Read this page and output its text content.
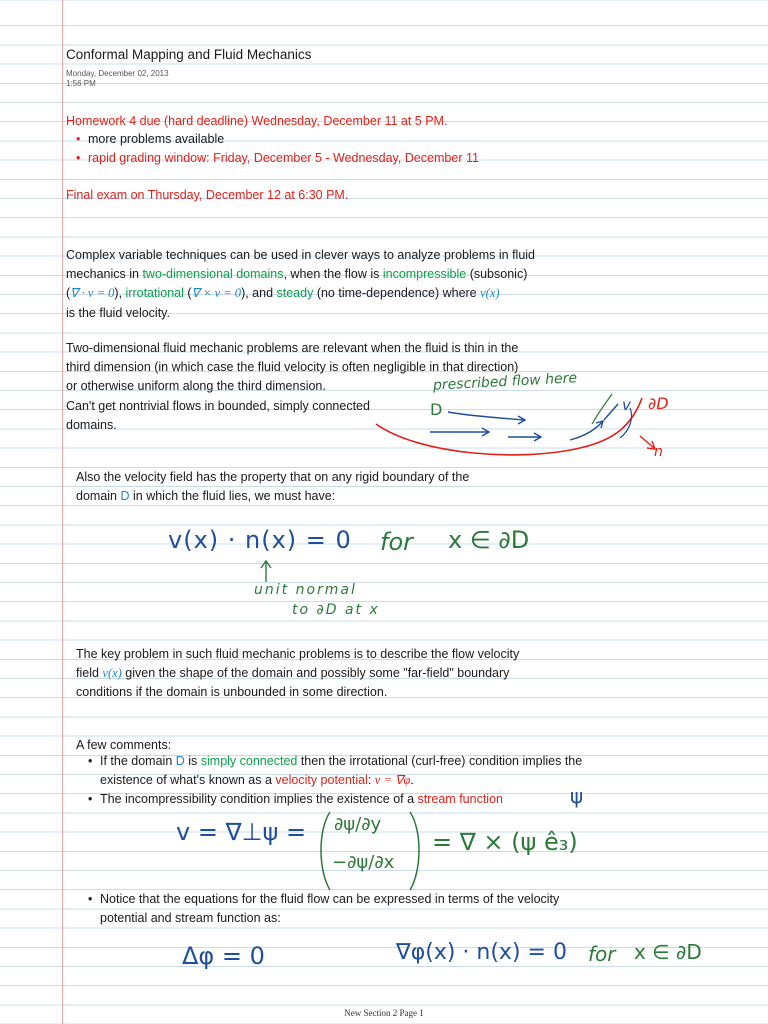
Conformal Mapping and Fluid Mechanics
Monday, December 02, 2013
1:56 PM
Homework 4 due (hard deadline) Wednesday, December 11 at 5 PM.
• more problems available
• rapid grading window: Friday, December 5 - Wednesday, December 11
Final exam on Thursday, December 12 at 6:30 PM.
Complex variable techniques can be used in clever ways to analyze problems in fluid
mechanics in two-dimensional domains, when the flow is incompressible (subsonic)
(∇ · v = 0), irrotational (∇ × v = 0), and steady (no time-dependence) where v(x)
is the fluid velocity.
Two-dimensional fluid mechanic problems are relevant when the fluid is thin in the
third dimension (in which case the fluid velocity is often negligible in that direction)
or otherwise uniform along the third dimension.
Can't get nontrivial flows in bounded, simply connected
domains.
prescribed flow here
D	v ∂D
n
Also the velocity field has the property that on any rigid boundary of the
domain D in which the fluid lies, we must have:
v(x) · n(x) = 0 for x ∈ ∂D
unit normal
to ∂D at x
The key problem in such fluid mechanic problems is to describe the flow velocity
field v(x) given the shape of the domain and possibly some "far-field" boundary
conditions if the domain is unbounded in some direction.
A few comments:
• If the domain D is simply connected then the irrotational (curl-free) condition implies the
existence of what's known as a velocity potential: v = ∇φ.
• The incompressibility condition implies the existence of a stream function	ψ
v = ∇⊥ψ = ∂ψ/∂y
−∂ψ/∂x
= ∇ × (ψ ê₃)
• Notice that the equations for the fluid flow can be expressed in terms of the velocity
potential and stream function as:
Δφ = 0	∇φ(x) · n(x) = 0 for x ∈ ∂D
New Section 2 Page 1
